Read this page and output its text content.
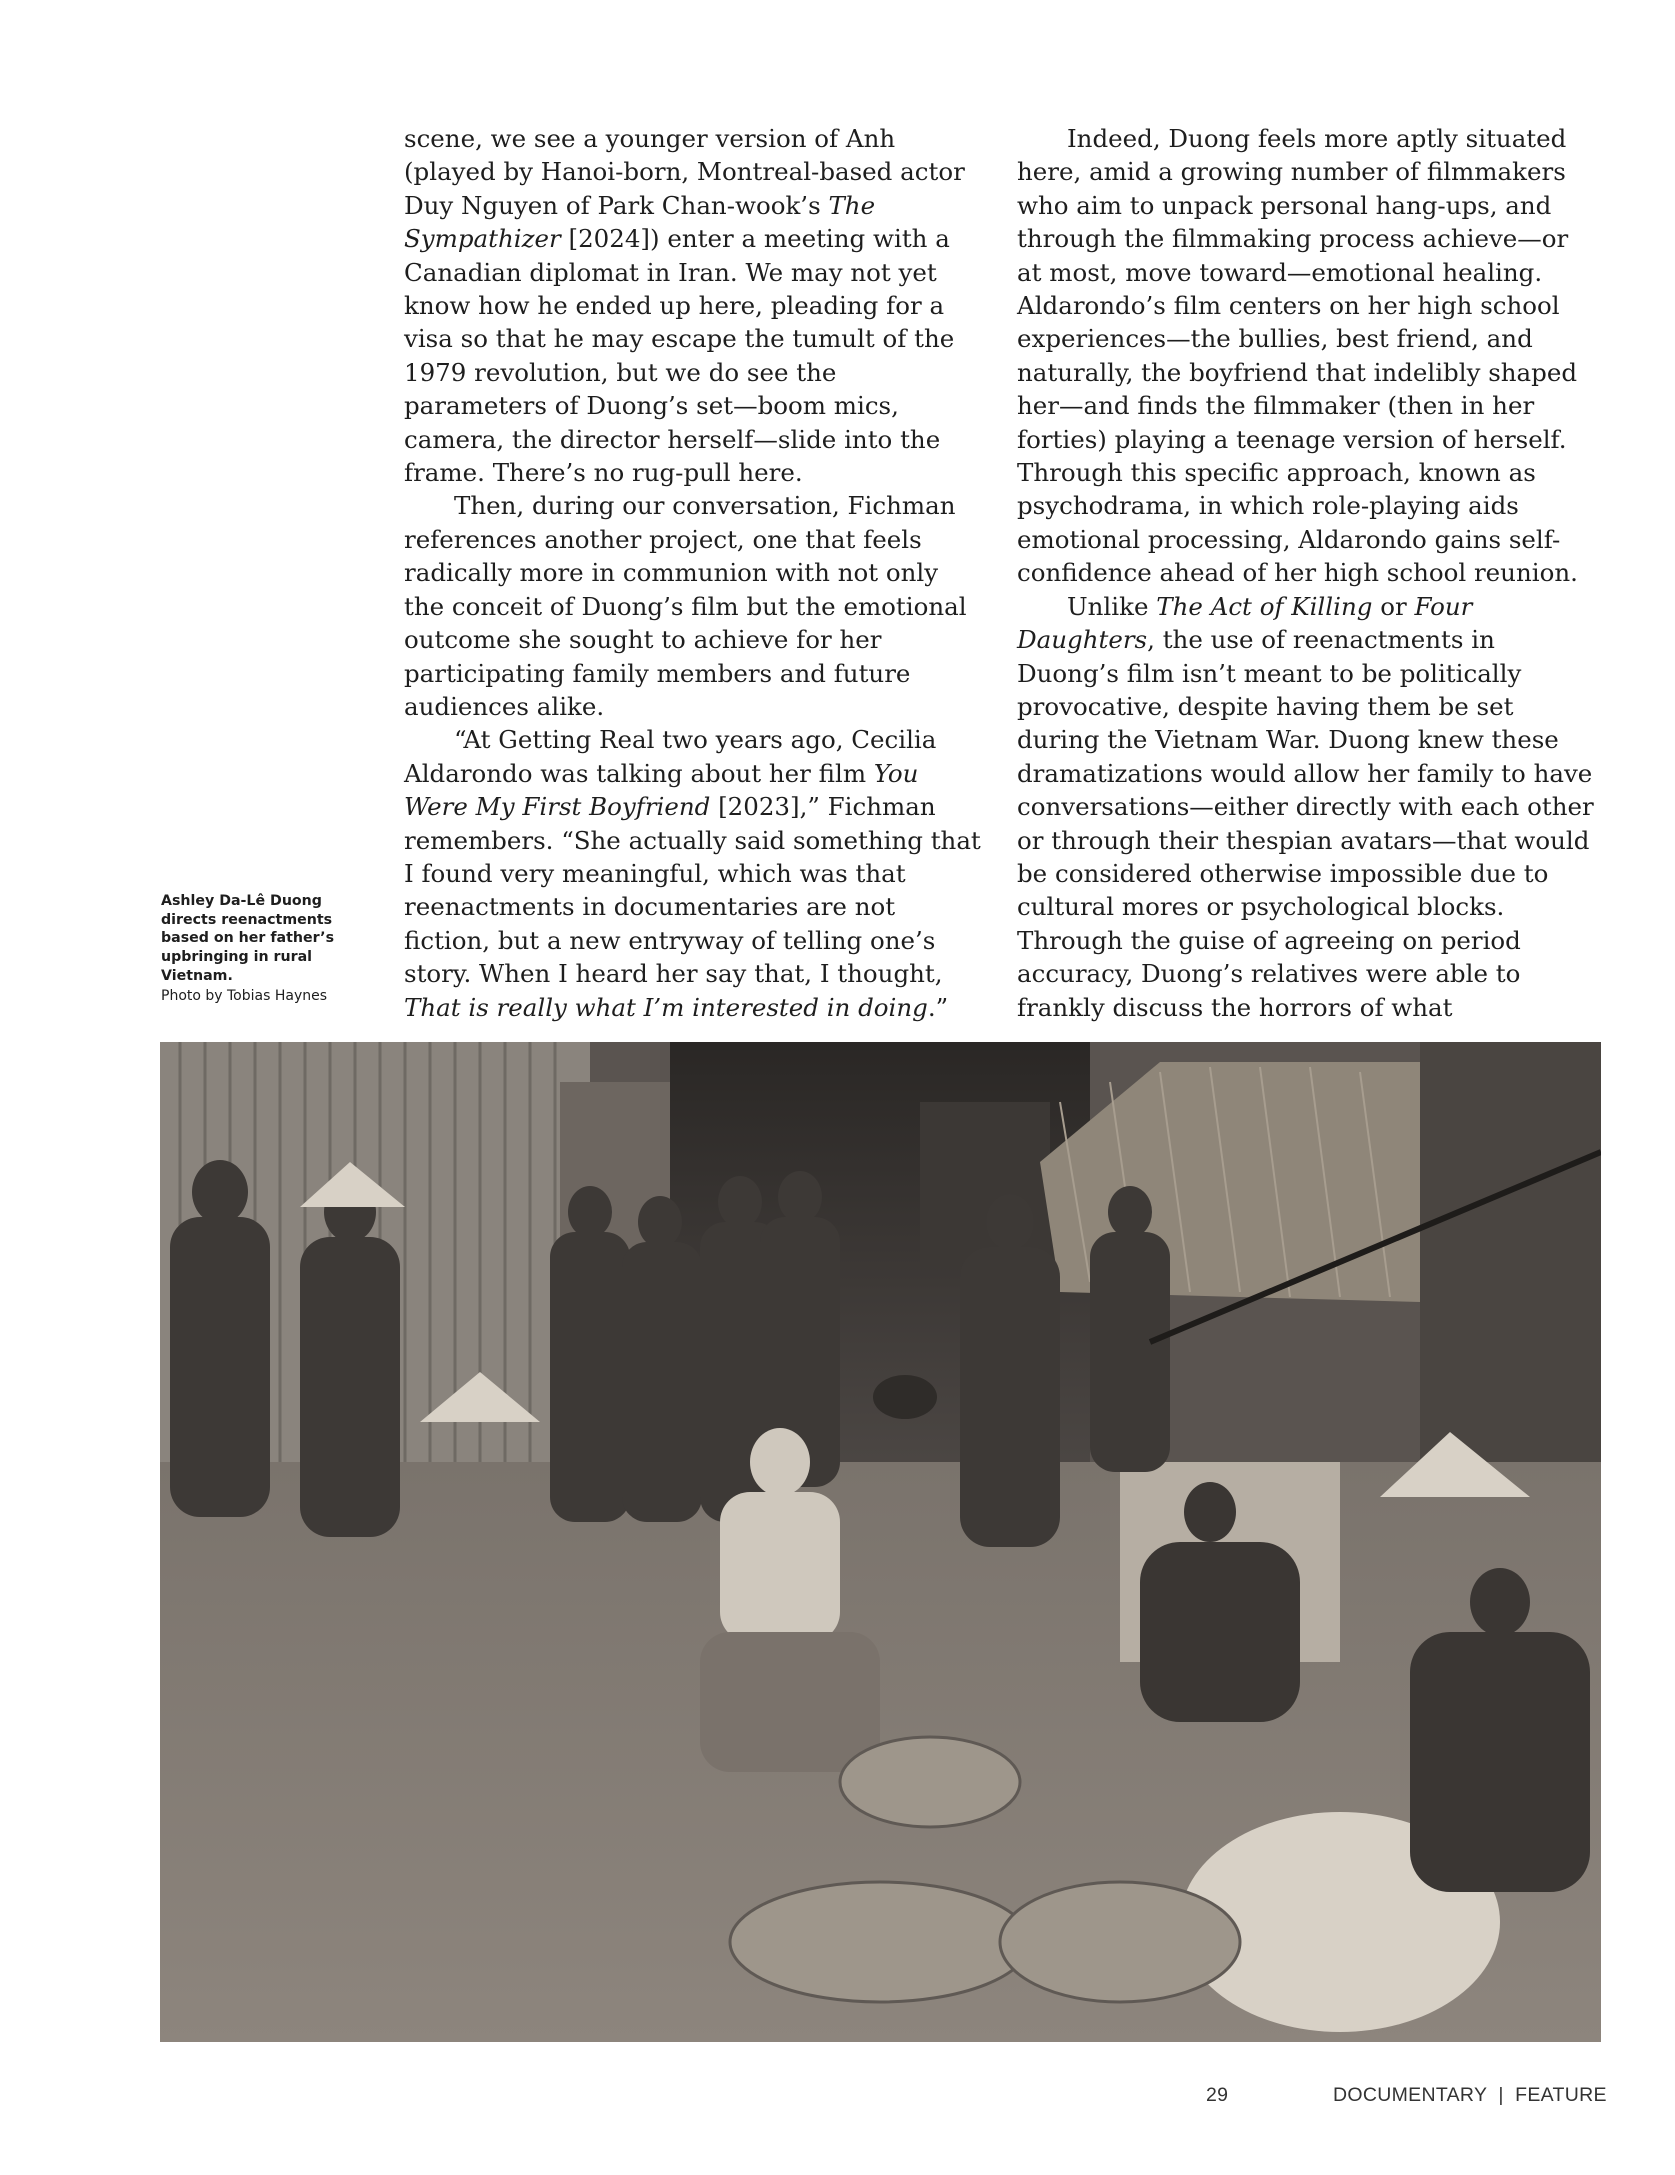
scene, we see a younger version of Anh (played by Hanoi-born, Montreal-based actor Duy Nguyen of Park Chan-wook’s The Sympathizer [2024]) enter a meeting with a Canadian diplomat in Iran. We may not yet know how he ended up here, pleading for a visa so that he may escape the tumult of the 1979 revolution, but we do see the parameters of Duong’s set—boom mics, camera, the director herself—slide into the frame. There’s no rug-pull here.

Then, during our conversation, Fichman references another project, one that feels radically more in communion with not only the conceit of Duong’s film but the emotional outcome she sought to achieve for her participating family members and future audiences alike.

“At Getting Real two years ago, Cecilia Aldarondo was talking about her film You Were My First Boyfriend [2023],” Fichman remembers. “She actually said something that I found very meaningful, which was that reenactments in documentaries are not fiction, but a new entryway of telling one’s story. When I heard her say that, I thought, That is really what I’m interested in doing.”

Indeed, Duong feels more aptly situated here, amid a growing number of filmmakers who aim to unpack personal hang-ups, and through the filmmaking process achieve—or at most, move toward—emotional healing. Aldarondo’s film centers on her high school experiences—the bullies, best friend, and naturally, the boyfriend that indelibly shaped her—and finds the filmmaker (then in her forties) playing a teenage version of herself. Through this specific approach, known as psychodrama, in which role-playing aids emotional processing, Aldarondo gains self-confidence ahead of her high school reunion.

Unlike The Act of Killing or Four Daughters, the use of reenactments in Duong’s film isn’t meant to be politically provocative, despite having them be set during the Vietnam War. Duong knew these dramatizations would allow her family to have conversations—either directly with each other or through their thespian avatars—that would be considered otherwise impossible due to cultural mores or psychological blocks. Through the guise of agreeing on period accuracy, Duong’s relatives were able to frankly discuss the horrors of what

Ashley Da-Lê Duong directs reenactments based on her father’s upbringing in rural Vietnam.
Photo by Tobias Haynes
29	DOCUMENTARY  |  FEATURE
